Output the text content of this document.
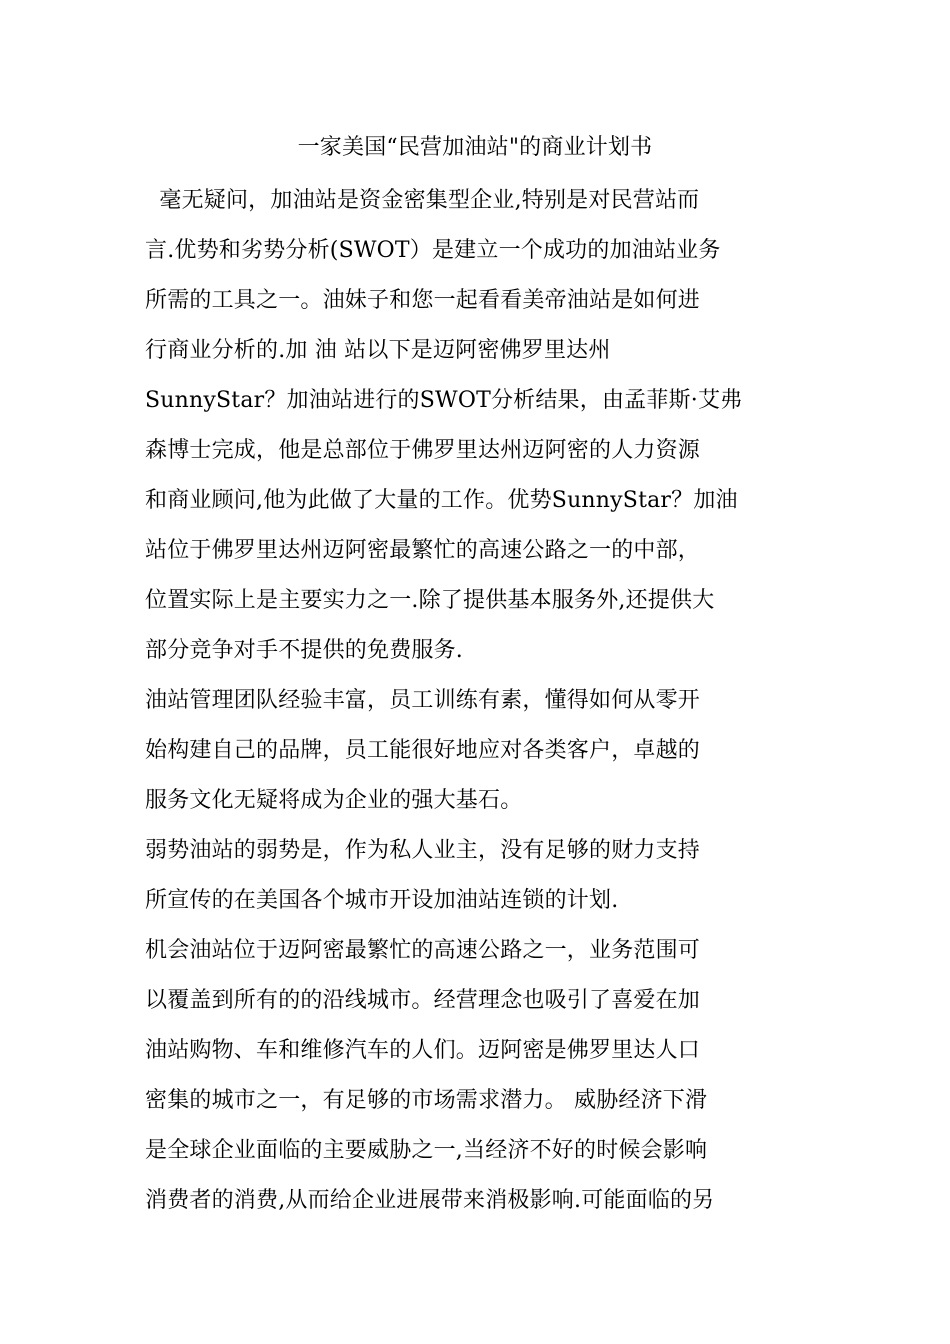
一家美国“民营加油站"的商业计划书
毫无疑问，加油站是资金密集型企业,特别是对民营站而
言.优势和劣势分析(SWOT）是建立一个成功的加油站业务
所需的工具之一。油妹子和您一起看看美帝油站是如何进
行商业分析的.加 油 站以下是迈阿密佛罗里达州
SunnyStar？加油站进行的SWOT分析结果，由孟菲斯·艾弗
森博士完成，他是总部位于佛罗里达州迈阿密的人力资源
和商业顾问,他为此做了大量的工作。优势SunnyStar？加油
站位于佛罗里达州迈阿密最繁忙的高速公路之一的中部，
位置实际上是主要实力之一.除了提供基本服务外,还提供大
部分竞争对手不提供的免费服务.
油站管理团队经验丰富，员工训练有素，懂得如何从零开
始构建自己的品牌，员工能很好地应对各类客户，卓越的
服务文化无疑将成为企业的强大基石。
弱势油站的弱势是，作为私人业主，没有足够的财力支持
所宣传的在美国各个城市开设加油站连锁的计划.
机会油站位于迈阿密最繁忙的高速公路之一，业务范围可
以覆盖到所有的的沿线城市。经营理念也吸引了喜爱在加
油站购物、车和维修汽车的人们。迈阿密是佛罗里达人口
密集的城市之一，有足够的市场需求潜力。 威胁经济下滑
是全球企业面临的主要威胁之一,当经济不好的时候会影响
消费者的消费,从而给企业进展带来消极影响.可能面临的另
